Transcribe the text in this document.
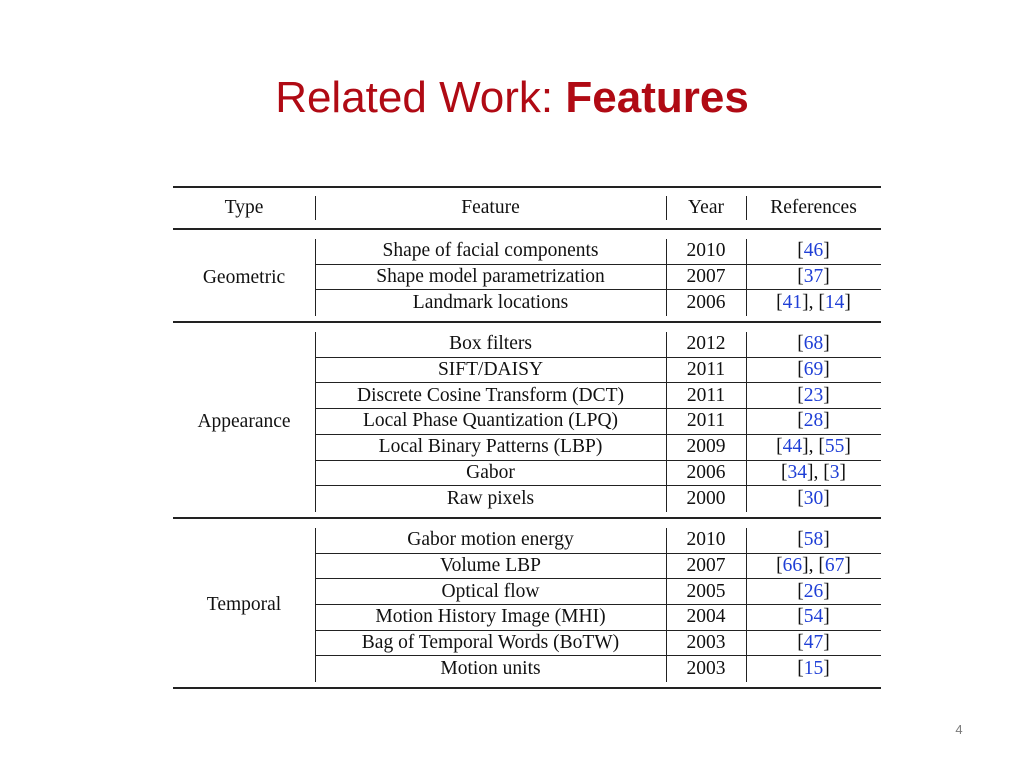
Related Work: Features
Type	Feature	Year	References
Geometric
Shape of facial components	2010	[46]
Shape model parametrization	2007	[37]
Landmark locations	2006	[41], [14]
Appearance
Box filters	2012	[68]
SIFT/DAISY	2011	[69]
Discrete Cosine Transform (DCT)	2011	[23]
Local Phase Quantization (LPQ)	2011	[28]
Local Binary Patterns (LBP)	2009	[44], [55]
Gabor	2006	[34], [3]
Raw pixels	2000	[30]
Temporal
Gabor motion energy	2010	[58]
Volume LBP	2007	[66], [67]
Optical flow	2005	[26]
Motion History Image (MHI)	2004	[54]
Bag of Temporal Words (BoTW)	2003	[47]
Motion units	2003	[15]
4
